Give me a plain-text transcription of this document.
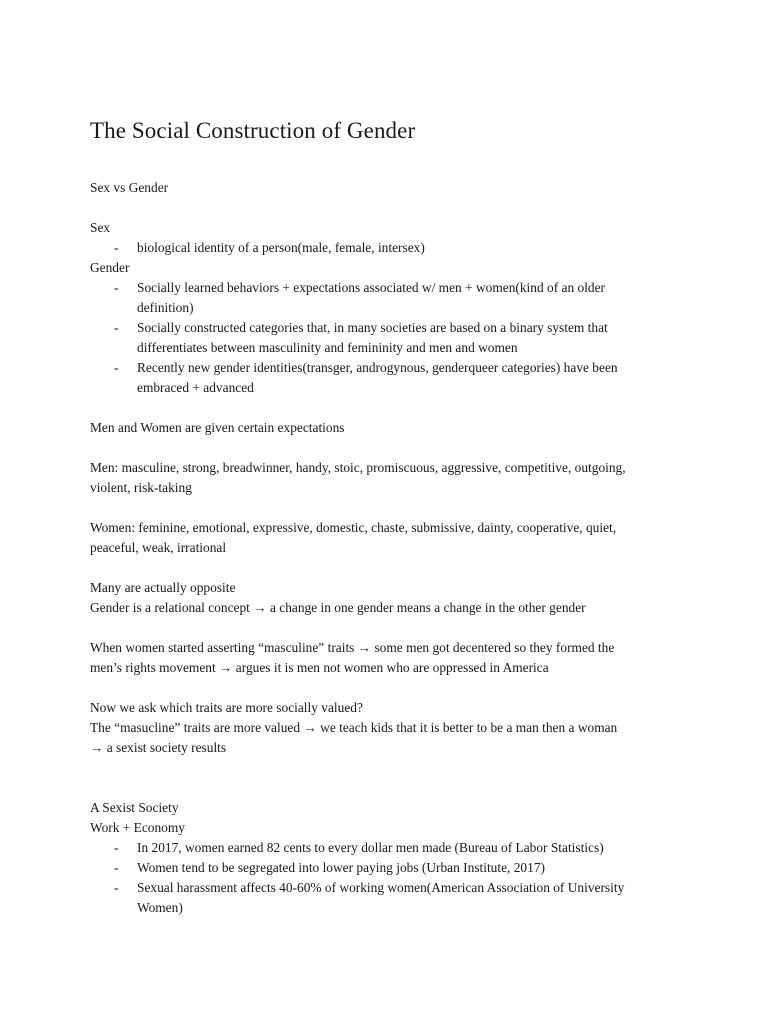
The Social Construction of Gender

Sex vs Gender

Sex

- biological identity of a person(male, female, intersex)

Gender

- Socially learned behaviors + expectations associated w/ men + women(kind of an older
definition)
- Socially constructed categories that, in many societies are based on a binary system that
differentiates between masculinity and femininity and men and women
- Recently new gender identities(transger, androgynous, genderqueer categories) have been
embraced + advanced

Men and Women are given certain expectations

Men: masculine, strong, breadwinner, handy, stoic, promiscuous, aggressive, competitive, outgoing,
violent, risk-taking

Women: feminine, emotional, expressive, domestic, chaste, submissive, dainty, cooperative, quiet,
peaceful, weak, irrational

Many are actually opposite

Gender is a relational concept → a change in one gender means a change in the other gender

When women started asserting “masculine” traits → some men got decentered so they formed the
men’s rights movement → argues it is men not women who are oppressed in America

Now we ask which traits are more socially valued?

The “masucline” traits are more valued → we teach kids that it is better to be a man then a woman
→ a sexist society results

A Sexist Society

Work + Economy

- In 2017, women earned 82 cents to every dollar men made (Bureau of Labor Statistics)
- Women tend to be segregated into lower paying jobs (Urban Institute, 2017)
- Sexual harassment affects 40-60% of working women(American Association of University
Women)
